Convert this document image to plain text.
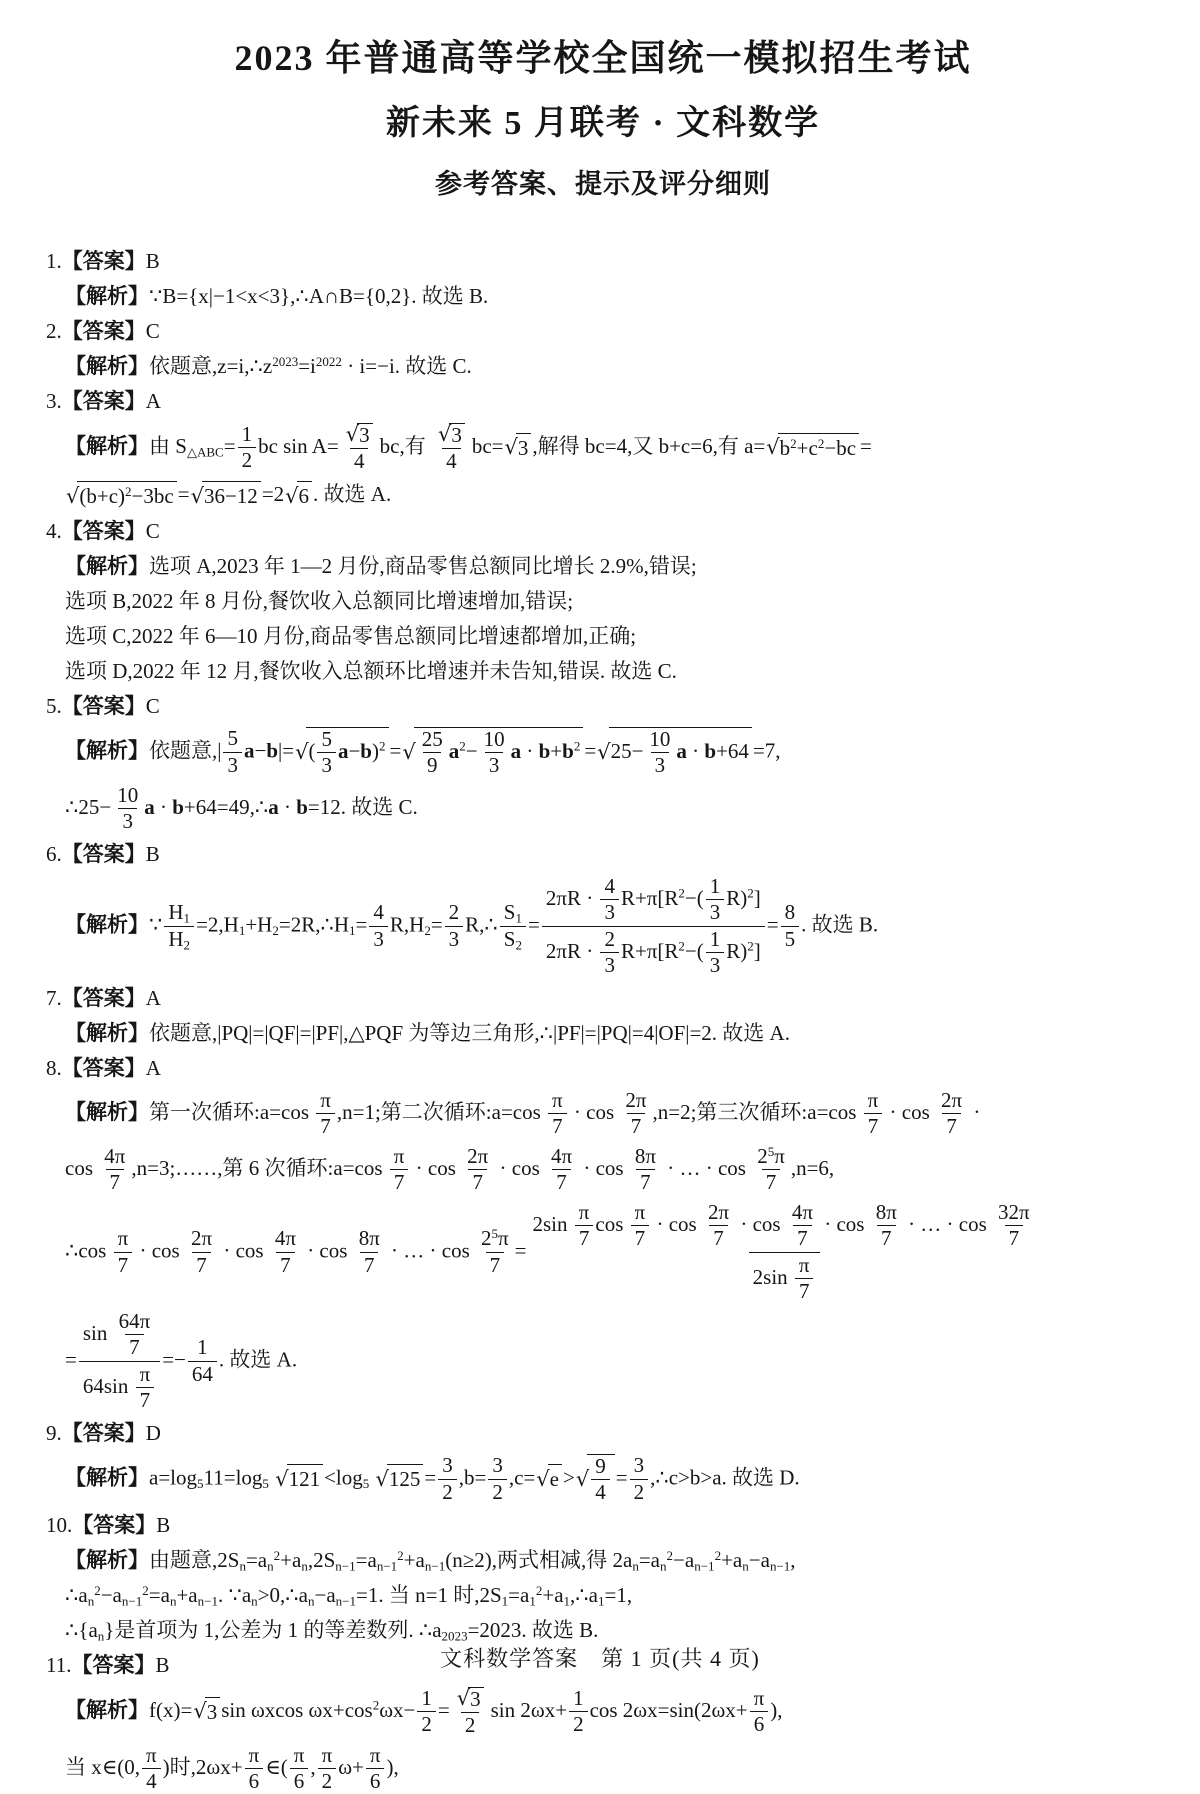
2023 年普通高等学校全国统一模拟招生考试
新未来 5 月联考 · 文科数学
参考答案、提示及评分细则
1.【答案】B
【解析】∵B={x|−1<x<3},∴A∩B={0,2}. 故选 B.
2.【答案】C
【解析】依题意$,z=i,\therefore z^{2023}=i^{2022} \cdot i=-i$. 故选 C.
3.【答案】A
【解析】由 $S_{\triangle ABC}= \frac{1}{2}$ bc $\sin A= \frac{√ 3}{4}$ bc,有 $\frac{√ 3}{4} bc=$ √ 3 ,解得 bc=4,又 b+c=6,有 a= √ $b^2+c^2-bc$ =
√ $(b+c)^2-3bc$ = √ 36−12 =2 √ 6 . 故选 A.
4.【答案】C
【解析】选项 A,2023 年 1—2 月份,商品零售总额同比增长 2.9%,错误;
选项 B,2022 年 8 月份,餐饮收入总额同比增速增加,错误;
选项 C,2022 年 6—10 月份,商品零售总额同比增速都增加,正确;
选项 D,2022 年 12 月,餐饮收入总额环比增速并未告知,错误. 故选 C.
5.【答案】C
【解析】依题意,| $\frac{5}{3} a-b|=$ √ ( $\frac{5}{3} a-b)^2$ = √ $\frac{25}{9} a^2- \frac{10}{3}$ $a \cdot b+b^2$ = √ $25- \frac{10}{3}$ a · b+64 =7,
∴25− $\frac{10}{3}$ a · b+64=49,∴a · b=12. 故选 C.
6.【答案】B
【解析】∵ $\frac{H_1}{H_2}$ $=2,H_1+H_2=2R,\therefore H_1= \frac{4}{3} R,H_2= \frac{2}{3}$ R,∴ $\frac{S_1}{S_2} = \frac{2\pi R \cdot \frac{4}{3} R+\pi[R^2-( \frac{1}{3} R)^2]}{2\pi R \cdot \frac{2}{3} R+\pi[R^2-( \frac{1}{3} R)^2]} = \frac{8}{5}$ . 故选 B.
7.【答案】A
【解析】依题意,|PQ|=|QF|=|PF|,△PQF 为等边三角形,∴|PF|=|PQ|=4|OF|=2. 故选 A.
8.【答案】A
【解析】第一次循环:a=cos $\frac{\pi}{7} ,n=1$;第二次循环:a=cos $\frac{\pi}{7} \cdot \cos \frac{2\pi}{7} ,n=2$;第三次循环:a=cos $\frac{\pi}{7} \cdot \cos \frac{2\pi}{7}$ ·
$\cos \frac{4\pi}{7}$ ,n=3;……,第 6 次循环:a=cos $\frac{\pi}{7} \cdot \cos \frac{2\pi}{7} \cdot \cos \frac{4\pi}{7} \cdot \cos \frac{8\pi}{7}$ · … · $\cos \frac{2^5\pi}{7} ,n=6$,
∴cos $\frac{\pi}{7} \cdot \cos \frac{2\pi}{7} \cdot \cos \frac{4\pi}{7} \cdot \cos \frac{8\pi}{7}$ · … · $\cos \frac{2^5\pi}{7} = \frac{2\sin \frac{\pi}{7} \cos \frac{\pi}{7} \cdot \cos \frac{2\pi}{7} \cdot \cos \frac{4\pi}{7} \cdot \cos \frac{8\pi}{7} \cdot \dots \cdot \cos \frac{32\pi}{7}}{2\sin \frac{\pi}{7}}$
= $\frac{\sin \frac{64\pi}{7}}{64\sin \frac{\pi}{7}} =- \frac{1}{64}$ . 故选 A.
9.【答案】D
【解析】$a=\log_511=\log_5$ √ $121 <\log_5$ √ $125 = \frac{3}{2} ,b= \frac{3}{2} ,c=$ √ e > √ $\frac{9}{4} = \frac{3}{2}$ ,∴c>b>a. 故选 D.
10.【答案】B
【解析】由题意$,2S_n=a_n^2+a_n,2S_{n-1}=a_{n-1}^2+a_{n-1}(n\ge 2)$,两式相减,得 $2a_n=a_n^2-a_{n-1}^2+a_n-a_{n-1}$,
$\therefore a_n^2-a_{n-1}^2=a_n+a_{n-1}$. $\because a_n>0,\therefore a_n-a_{n-1}=1$. 当 n=1 时$,2S_1=a_1^2+a_1,\therefore a_1=1$,
$\therefore\{a_n\}$是首项为 1,公差为 1 的等差数列. $\therefore a_{2023}=2023$. 故选 B.
11.【答案】B
【解析】f(x)= √ 3 sin ωxcos $\omega x+\cos^2\omega x- \frac{1}{2} = \frac{√ 3}{2}$ $\sin 2\omega x+ \frac{1}{2}$ $\cos 2\omega x=\sin(2\omega x+ \frac{\pi}{6}$ ),
当 x∈(0, $\frac{\pi}{4}$ )时$,2\omega x+ \frac{\pi}{6}$ ∈( $\frac{\pi}{6}$ , $\frac{\pi}{2} \omega+ \frac{\pi}{6}$ ),
文科数学答案　第 1 页(共 4 页)
